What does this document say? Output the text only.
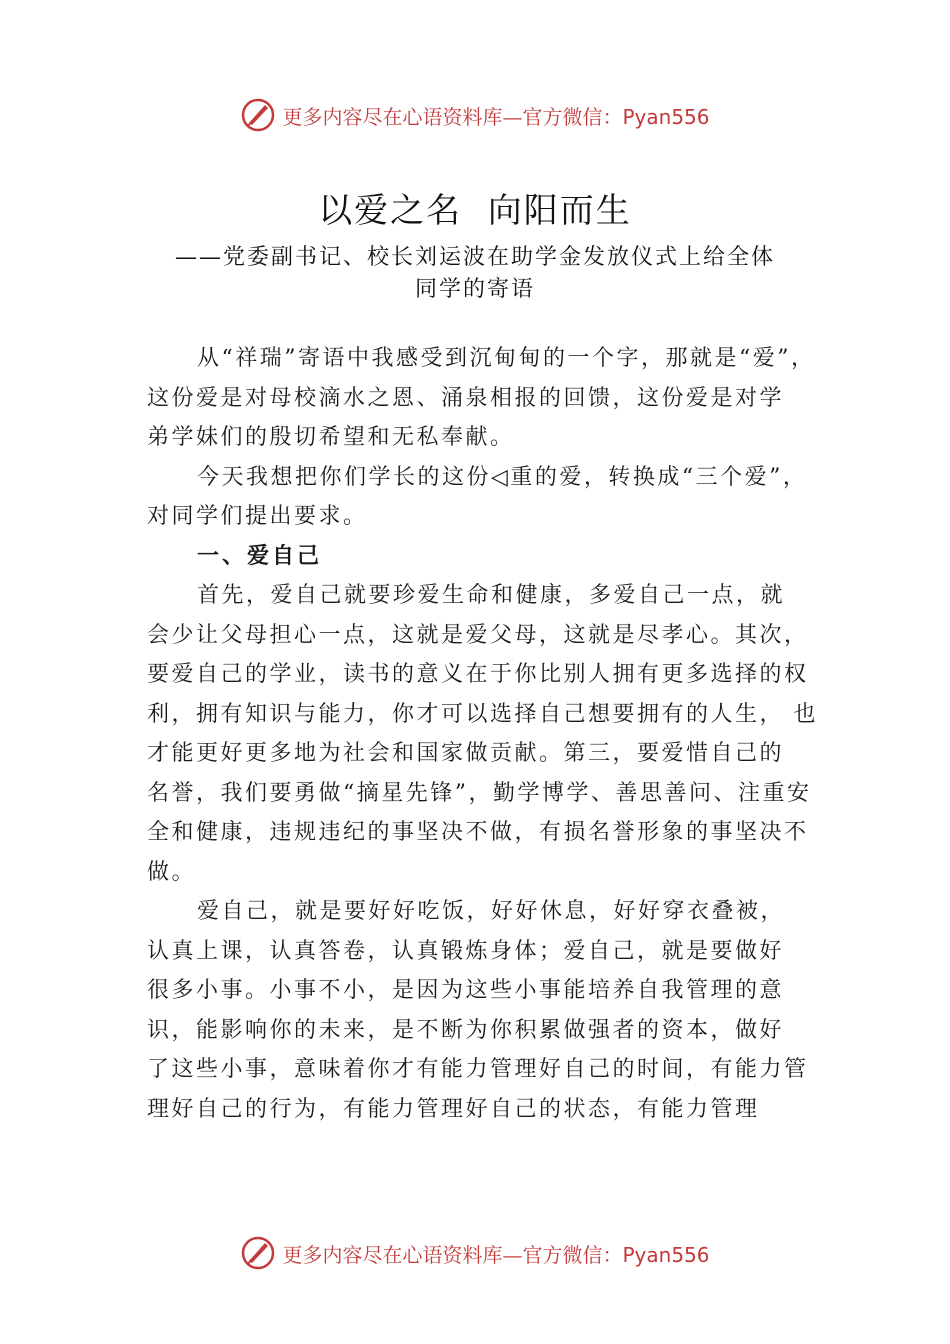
更多内容尽在心语资料库—官方微信：Pyan556
以爱之名  向阳而生
——党委副书记、校长刘运波在助学金发放仪式上给全体
同学的寄语
从“祥瑞”寄语中我感受到沉甸甸的一个字，那就是“爱”，
这份爱是对母校滴水之恩、涌泉相报的回馈，这份爱是对学
弟学妹们的殷切希望和无私奉献。
今天我想把你们学长的这份◁重的爱，转换成“三个爱”，
对同学们提出要求。
一、爱自己
首先，爱自己就要珍爱生命和健康，多爱自己一点，就
会少让父母担心一点，这就是爱父母，这就是尽孝心。其次，
要爱自己的学业，读书的意义在于你比别人拥有更多选择的权
利，拥有知识与能力，你才可以选择自己想要拥有的人生， 也
才能更好更多地为社会和国家做贡献。第三，要爱惜自己的
名誉，我们要勇做“摘星先锋”，勤学博学、善思善问、注重安
全和健康，违规违纪的事坚决不做，有损名誉形象的事坚决不
做。
爱自己，就是要好好吃饭，好好休息，好好穿衣叠被，
认真上课，认真答卷，认真锻炼身体；爱自己，就是要做好
很多小事。小事不小，是因为这些小事能培养自我管理的意
识，能影响你的未来，是不断为你积累做强者的资本，做好
了这些小事，意味着你才有能力管理好自己的时间，有能力管
理好自己的行为，有能力管理好自己的状态，有能力管理
更多内容尽在心语资料库—官方微信：Pyan556
